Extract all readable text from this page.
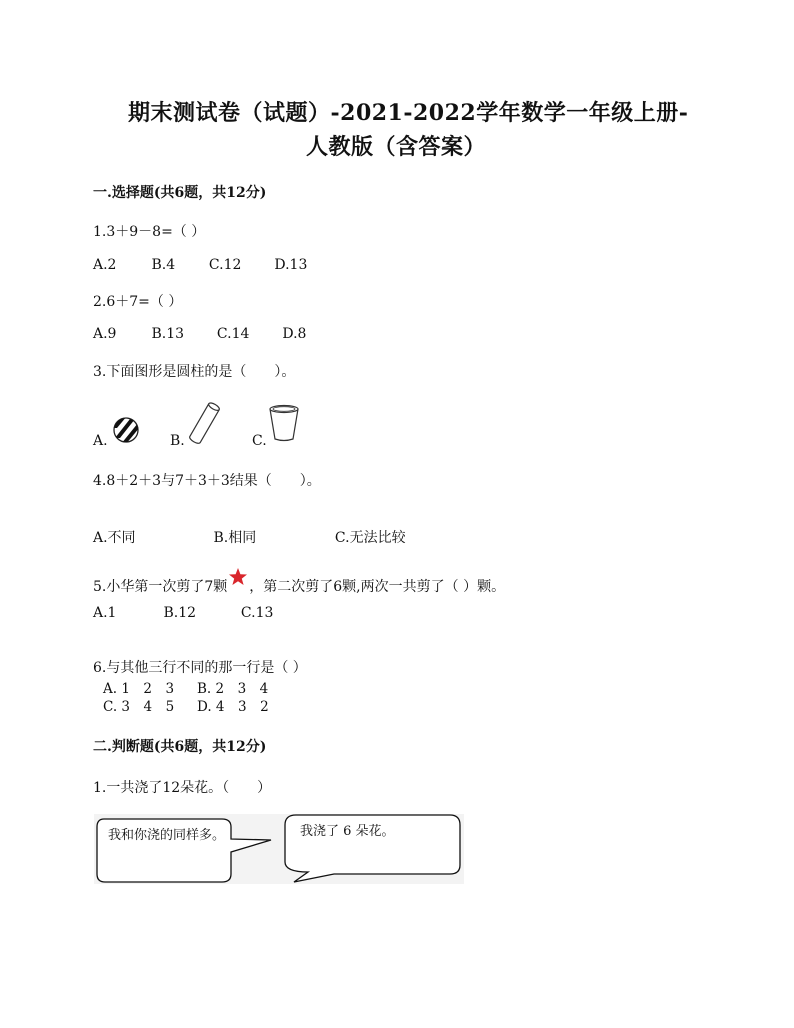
期末测试卷（试题）-2021-2022学年数学一年级上册-
人教版（含答案）
一.选择题(共6题，共12分)
1.3＋9－8=（ ）
A.2 B.4 C.12 D.13
2.6＋7=（ ）
A.9 B.13 C.14 D.8
3.下面图形是圆柱的是（　　）。
A.	B.	C.
4.8＋2＋3与7＋3＋3结果（　　）。
A.不同	B.相同	C.无法比较
5.小华第一次剪了7颗 ，第二次剪了6颗,两次一共剪了（ ）颗。
A.1	B.12	C.13
6.与其他三行不同的那一行是（ ）
A. 1　2　3 B. 2　3　4
C. 3　4　5 D. 4　3　2
二.判断题(共6题，共12分)
1.一共浇了12朵花。（　　）
我和你浇的同样多。	我浇了 6 朵花。
